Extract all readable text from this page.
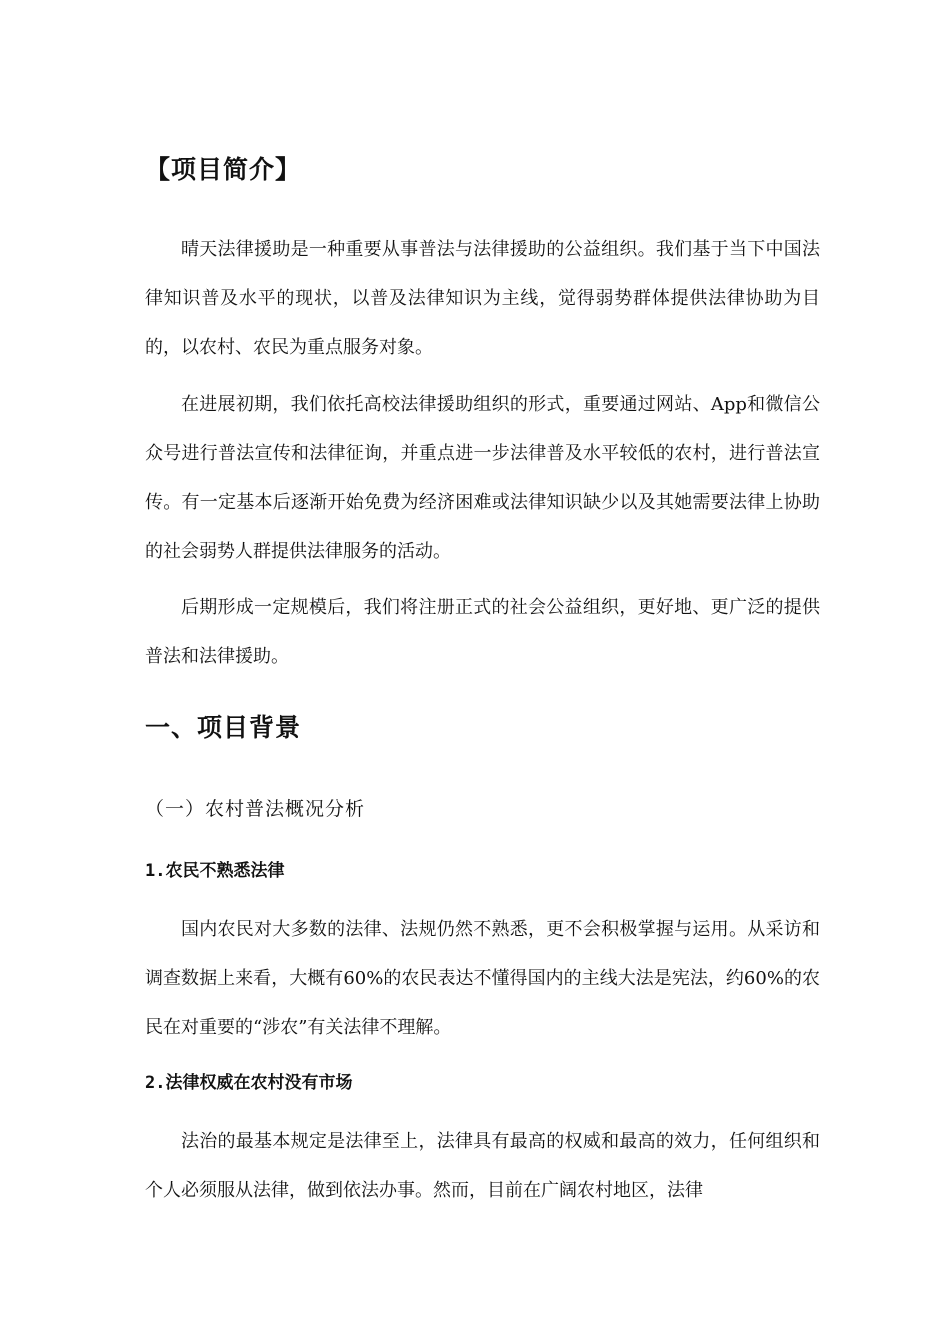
【项目简介】

晴天法律援助是一种重要从事普法与法律援助的公益组织。我们基于当下中国法律知识普及水平的现状，以普及法律知识为主线，觉得弱势群体提供法律协助为目的，以农村、农民为重点服务对象。

在进展初期，我们依托高校法律援助组织的形式，重要通过网站、App和微信公众号进行普法宣传和法律征询，并重点进一步法律普及水平较低的农村，进行普法宣传。有一定基本后逐渐开始免费为经济困难或法律知识缺少以及其她需要法律上协助的社会弱势人群提供法律服务的活动。

后期形成一定规模后，我们将注册正式的社会公益组织，更好地、更广泛的提供普法和法律援助。

一、项目背景
（一）农村普法概况分析
1.农民不熟悉法律

国内农民对大多数的法律、法规仍然不熟悉，更不会积极掌握与运用。从采访和调查数据上来看，大概有60%的农民表达不懂得国内的主线大法是宪法，约60%的农民在对重要的“涉农”有关法律不理解。

2.法律权威在农村没有市场

法治的最基本规定是法律至上，法律具有最高的权威和最高的效力，任何组织和个人必须服从法律，做到依法办事。然而，目前在广阔农村地区，法律
